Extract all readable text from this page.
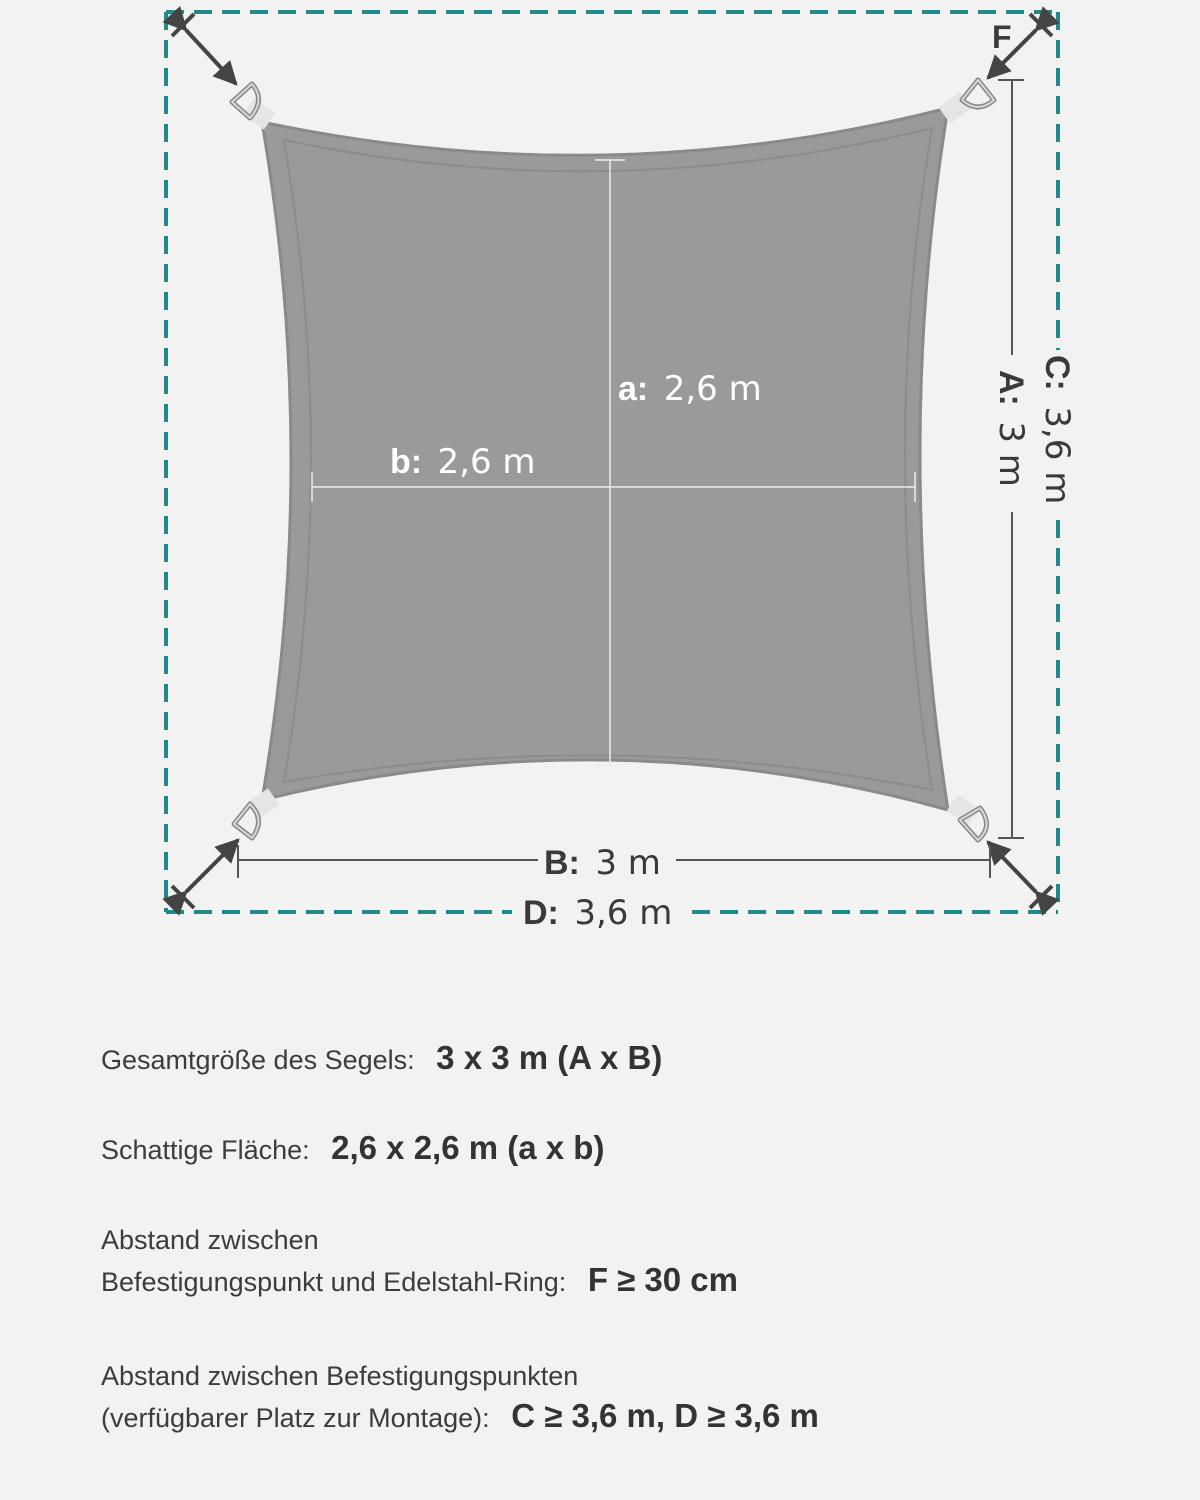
a: 2,6 m
b: 2,6 m
B: 3 m
D: 3,6 m
F
A: 3 m
C: 3,6 m
Gesamtgröße des Segels: 3 x 3 m (A x B)
Schattige Fläche: 2,6 x 2,6 m (a x b)
Abstand zwischen
Befestigungspunkt und Edelstahl-Ring: F ≥ 30 cm
Abstand zwischen Befestigungspunkten
(verfügbarer Platz zur Montage): C ≥ 3,6 m, D ≥ 3,6 m
